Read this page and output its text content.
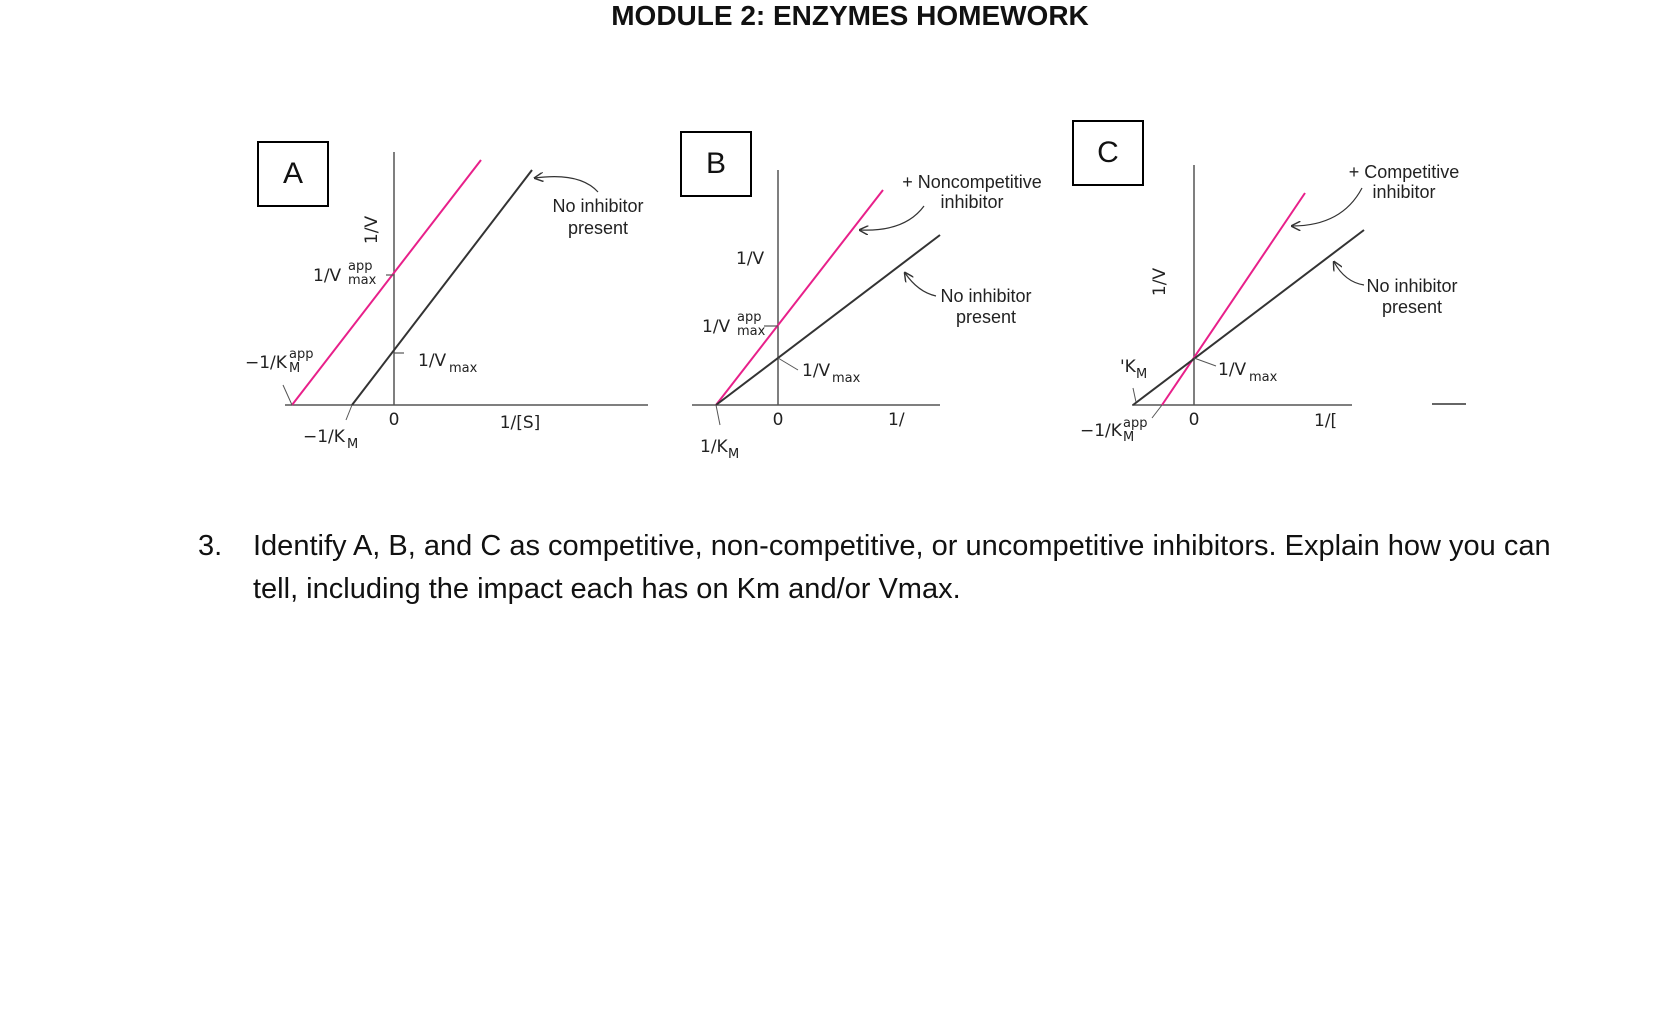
MODULE 2: ENZYMES HOMEWORK
A	B	C
1/V
1/[S]
0
1/V app
max
1/V max
−1/K app
M
−1/K M
No inhibitor
present
1/V
1/
0
1/V app
max
1/V max
1/K M
+ Noncompetitive
inhibitor
No inhibitor
present
1/V
1/[
0
1/V max
'K M
−1/K app
M
+ Competitive
inhibitor
No inhibitor
present
3.	Identify A, B, and C as competitive, non-competitive, or uncompetitive inhibitors. Explain how you can tell, including the impact each has on Km and/or Vmax.
